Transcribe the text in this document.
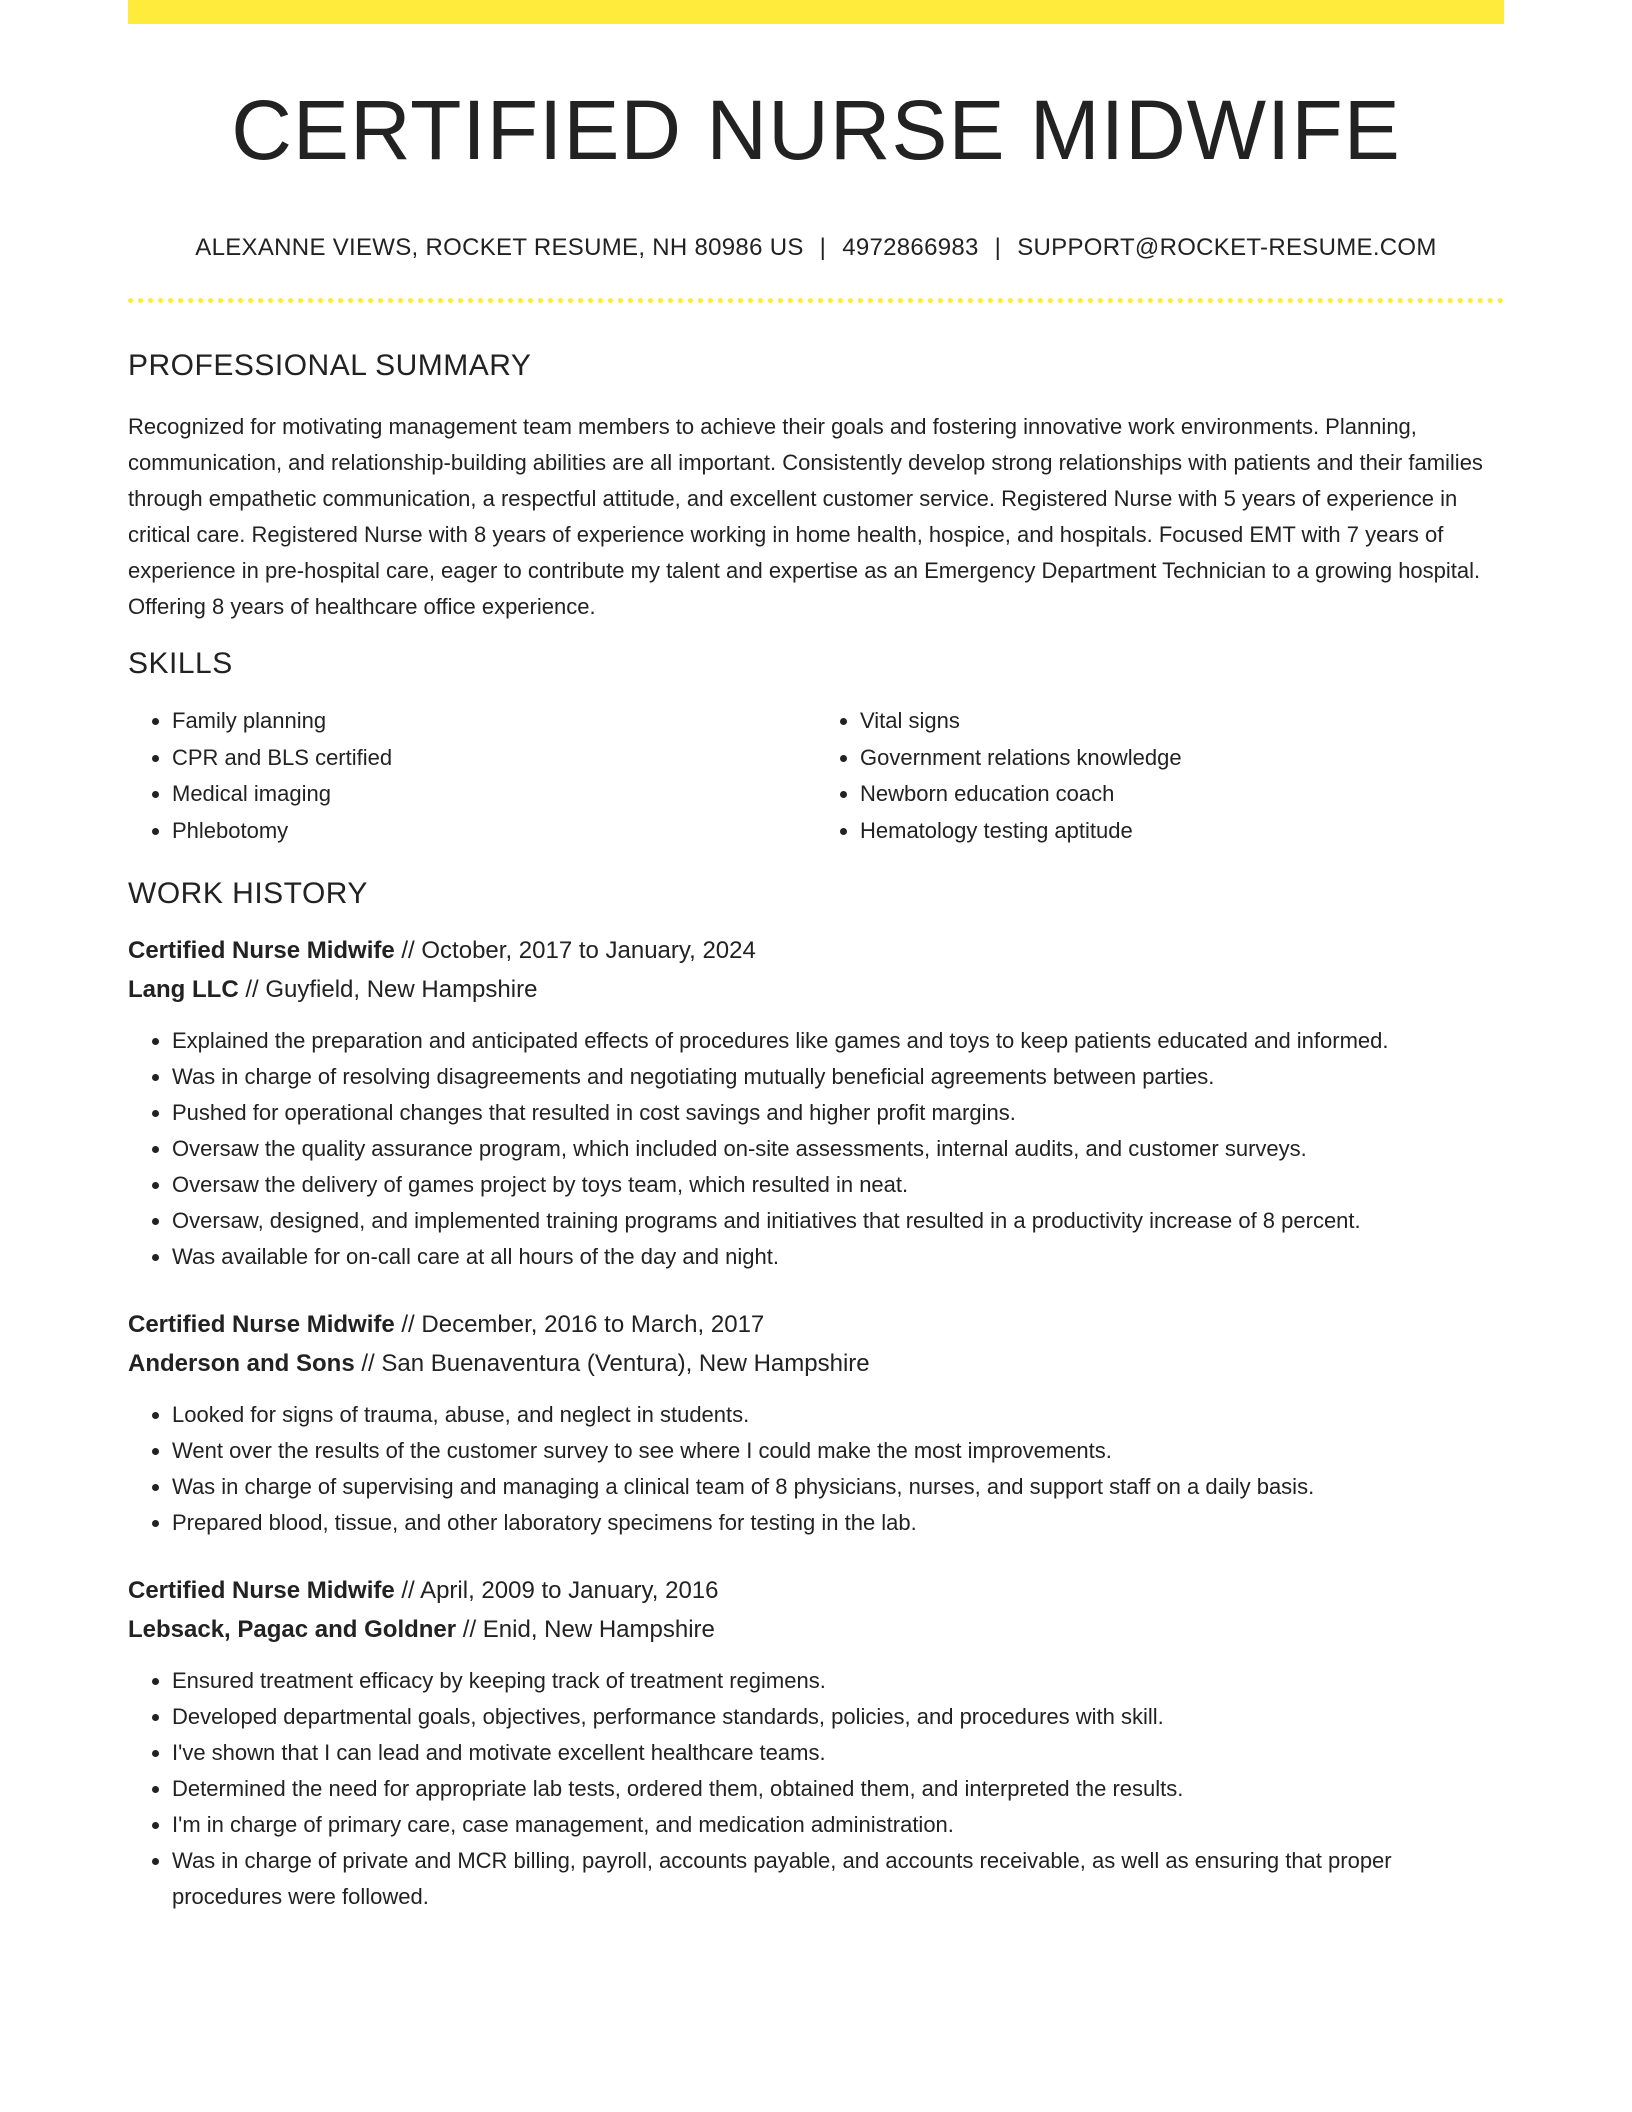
CERTIFIED NURSE MIDWIFE
ALEXANNE VIEWS, ROCKET RESUME, NH 80986 US | 4972866983 | SUPPORT@ROCKET-RESUME.COM
PROFESSIONAL SUMMARY

Recognized for motivating management team members to achieve their goals and fostering innovative work environments. Planning, communication, and relationship-building abilities are all important. Consistently develop strong relationships with patients and their families through empathetic communication, a respectful attitude, and excellent customer service. Registered Nurse with 5 years of experience in critical care. Registered Nurse with 8 years of experience working in home health, hospice, and hospitals. Focused EMT with 7 years of experience in pre-hospital care, eager to contribute my talent and expertise as an Emergency Department Technician to a growing hospital. Offering 8 years of healthcare office experience.

SKILLS
• Family planning
• CPR and BLS certified
• Medical imaging
• Phlebotomy
• Vital signs
• Government relations knowledge
• Newborn education coach
• Hematology testing aptitude
WORK HISTORY
Certified Nurse Midwife // October, 2017 to January, 2024
Lang LLC // Guyfield, New Hampshire
• Explained the preparation and anticipated effects of procedures like games and toys to keep patients educated and informed.
• Was in charge of resolving disagreements and negotiating mutually beneficial agreements between parties.
• Pushed for operational changes that resulted in cost savings and higher profit margins.
• Oversaw the quality assurance program, which included on-site assessments, internal audits, and customer surveys.
• Oversaw the delivery of games project by toys team, which resulted in neat.
• Oversaw, designed, and implemented training programs and initiatives that resulted in a productivity increase of 8 percent.
• Was available for on-call care at all hours of the day and night.
Certified Nurse Midwife // December, 2016 to March, 2017
Anderson and Sons // San Buenaventura (Ventura), New Hampshire
• Looked for signs of trauma, abuse, and neglect in students.
• Went over the results of the customer survey to see where I could make the most improvements.
• Was in charge of supervising and managing a clinical team of 8 physicians, nurses, and support staff on a daily basis.
• Prepared blood, tissue, and other laboratory specimens for testing in the lab.
Certified Nurse Midwife // April, 2009 to January, 2016
Lebsack, Pagac and Goldner // Enid, New Hampshire
• Ensured treatment efficacy by keeping track of treatment regimens.
• Developed departmental goals, objectives, performance standards, policies, and procedures with skill.
• I've shown that I can lead and motivate excellent healthcare teams.
• Determined the need for appropriate lab tests, ordered them, obtained them, and interpreted the results.
• I'm in charge of primary care, case management, and medication administration.
• Was in charge of private and MCR billing, payroll, accounts payable, and accounts receivable, as well as ensuring that proper procedures were followed.
